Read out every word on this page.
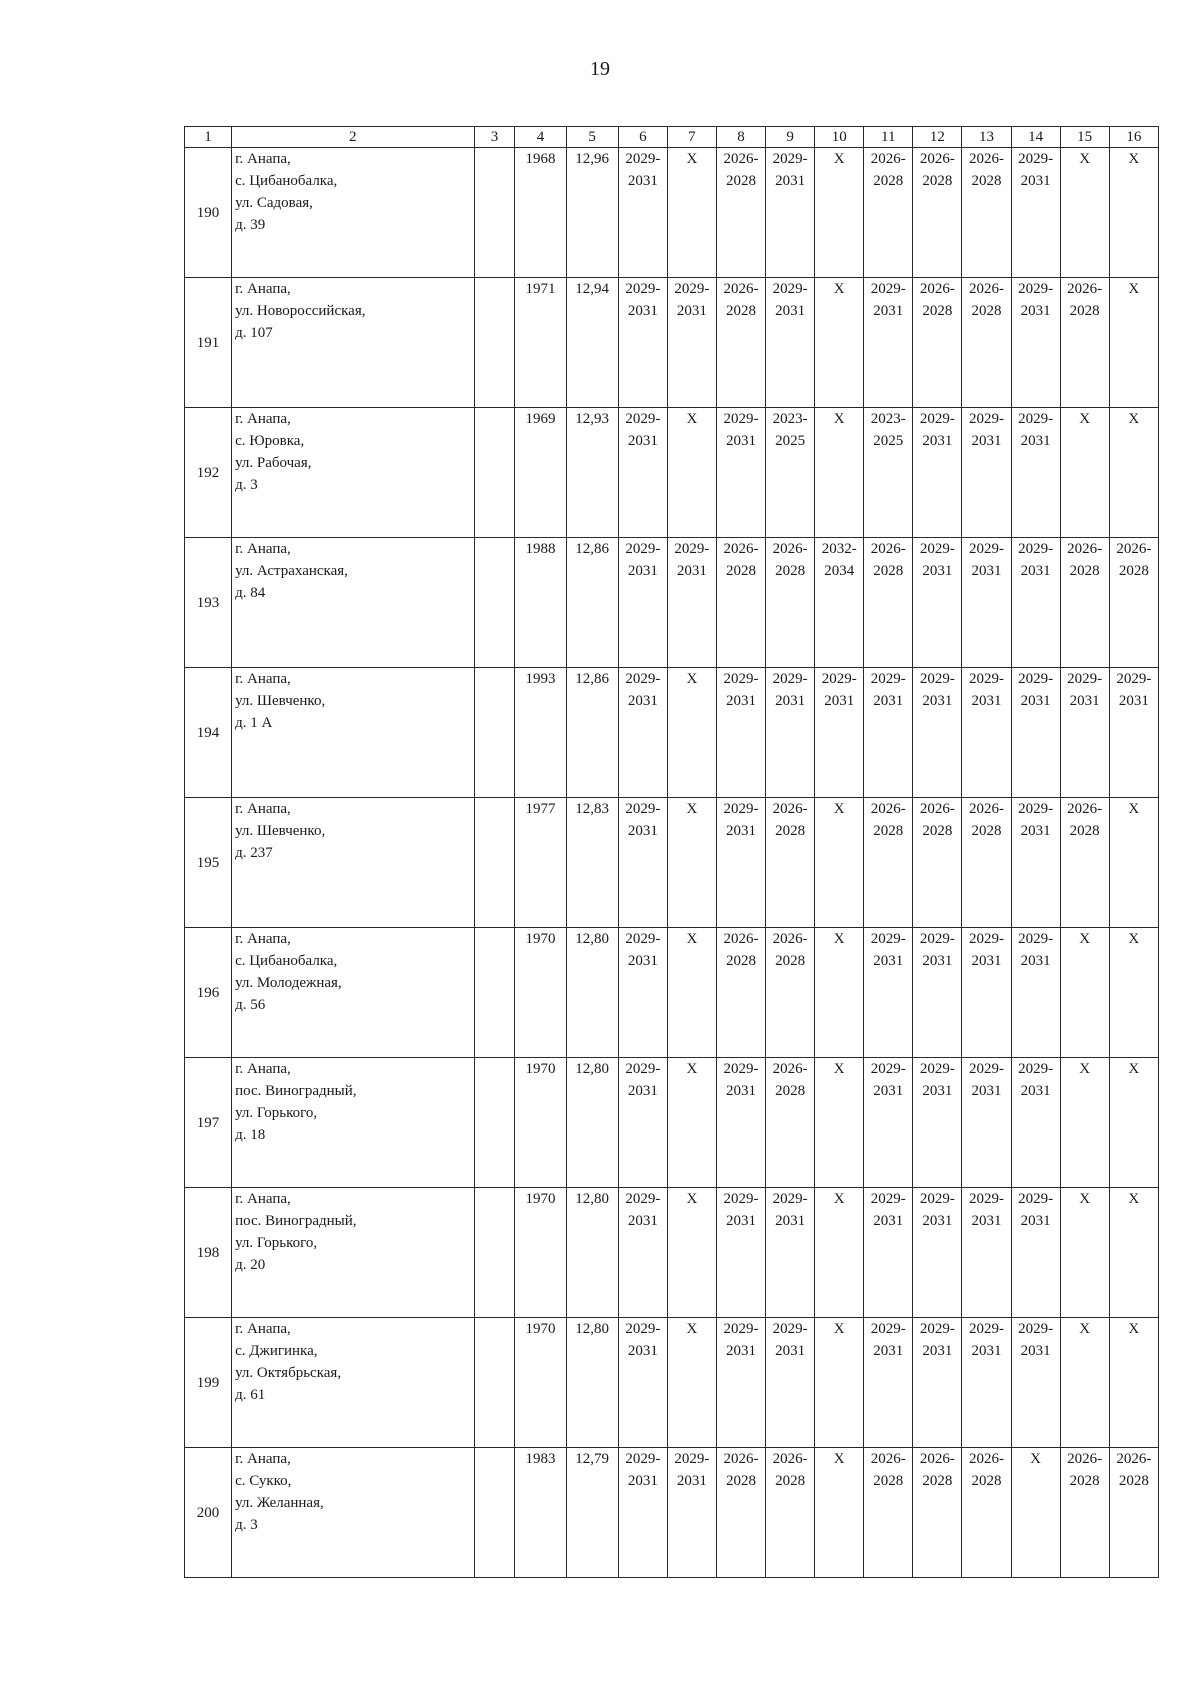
19
1	2	3	4	5	6	7	8	9	10	11	12	13	14	15	16
190	г. Анапа,
с. Цибанобалка,
ул. Садовая,
д. 39		1968	12,96	2029-
2031	X	2026-
2028	2029-
2031	X	2026-
2028	2026-
2028	2026-
2028	2029-
2031	X	X
191	г. Анапа,
ул. Новороссийская,
д. 107		1971	12,94	2029-
2031	2029-
2031	2026-
2028	2029-
2031	X	2029-
2031	2026-
2028	2026-
2028	2029-
2031	2026-
2028	X
192	г. Анапа,
с. Юровка,
ул. Рабочая,
д. 3		1969	12,93	2029-
2031	X	2029-
2031	2023-
2025	X	2023-
2025	2029-
2031	2029-
2031	2029-
2031	X	X
193	г. Анапа,
ул. Астраханская,
д. 84		1988	12,86	2029-
2031	2029-
2031	2026-
2028	2026-
2028	2032-
2034	2026-
2028	2029-
2031	2029-
2031	2029-
2031	2026-
2028	2026-
2028
194	г. Анапа,
ул. Шевченко,
д. 1 А		1993	12,86	2029-
2031	X	2029-
2031	2029-
2031	2029-
2031	2029-
2031	2029-
2031	2029-
2031	2029-
2031	2029-
2031	2029-
2031
195	г. Анапа,
ул. Шевченко,
д. 237		1977	12,83	2029-
2031	X	2029-
2031	2026-
2028	X	2026-
2028	2026-
2028	2026-
2028	2029-
2031	2026-
2028	X
196	г. Анапа,
с. Цибанобалка,
ул. Молодежная,
д. 56		1970	12,80	2029-
2031	X	2026-
2028	2026-
2028	X	2029-
2031	2029-
2031	2029-
2031	2029-
2031	X	X
197	г. Анапа,
пос. Виноградный,
ул. Горького,
д. 18		1970	12,80	2029-
2031	X	2029-
2031	2026-
2028	X	2029-
2031	2029-
2031	2029-
2031	2029-
2031	X	X
198	г. Анапа,
пос. Виноградный,
ул. Горького,
д. 20		1970	12,80	2029-
2031	X	2029-
2031	2029-
2031	X	2029-
2031	2029-
2031	2029-
2031	2029-
2031	X	X
199	г. Анапа,
с. Джигинка,
ул. Октябрьская,
д. 61		1970	12,80	2029-
2031	X	2029-
2031	2029-
2031	X	2029-
2031	2029-
2031	2029-
2031	2029-
2031	X	X
200	г. Анапа,
с. Сукко,
ул. Желанная,
д. 3		1983	12,79	2029-
2031	2029-
2031	2026-
2028	2026-
2028	X	2026-
2028	2026-
2028	2026-
2028	X	2026-
2028	2026-
2028
